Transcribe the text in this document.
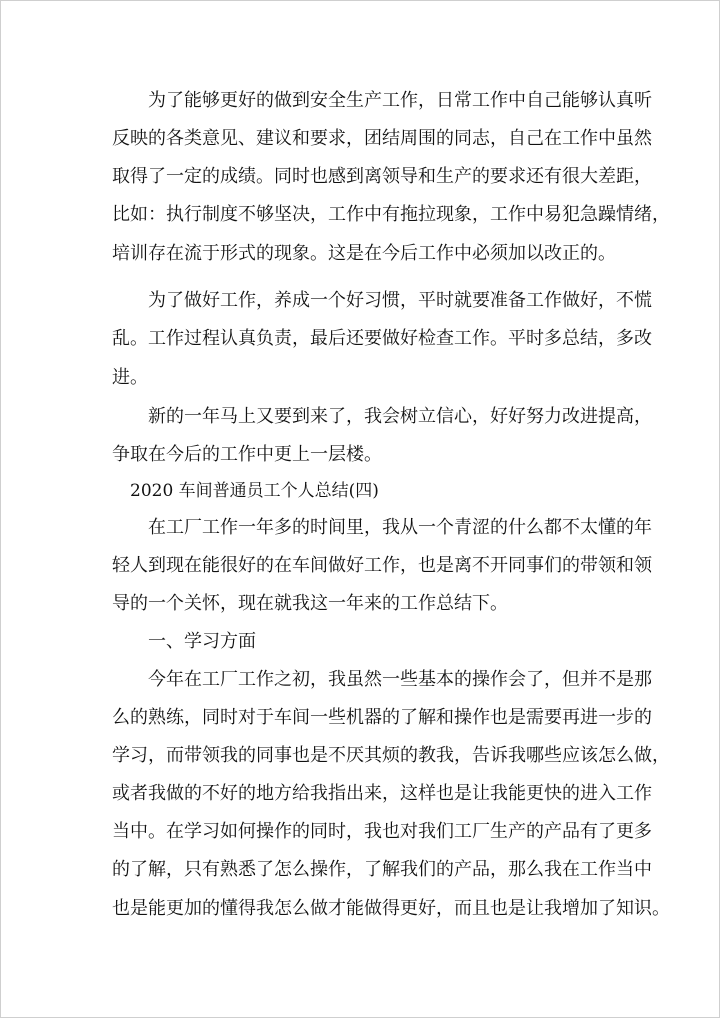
为了能够更好的做到安全生产工作，日常工作中自己能够认真听
反映的各类意见、建议和要求，团结周围的同志，自己在工作中虽然
取得了一定的成绩。同时也感到离领导和生产的要求还有很大差距，
比如：执行制度不够坚决，工作中有拖拉现象，工作中易犯急躁情绪，
培训存在流于形式的现象。这是在今后工作中必须加以改正的。
为了做好工作，养成一个好习惯，平时就要准备工作做好，不慌
乱。工作过程认真负责，最后还要做好检查工作。平时多总结，多改
进。
新的一年马上又要到来了，我会树立信心，好好努力改进提高，
争取在今后的工作中更上一层楼。
2020 车间普通员工个人总结(四)
在工厂工作一年多的时间里，我从一个青涩的什么都不太懂的年
轻人到现在能很好的在车间做好工作，也是离不开同事们的带领和领
导的一个关怀，现在就我这一年来的工作总结下。
一、学习方面
今年在工厂工作之初，我虽然一些基本的操作会了，但并不是那
么的熟练，同时对于车间一些机器的了解和操作也是需要再进一步的
学习，而带领我的同事也是不厌其烦的教我，告诉我哪些应该怎么做，
或者我做的不好的地方给我指出来，这样也是让我能更快的进入工作
当中。在学习如何操作的同时，我也对我们工厂生产的产品有了更多
的了解，只有熟悉了怎么操作，了解我们的产品，那么我在工作当中
也是能更加的懂得我怎么做才能做得更好，而且也是让我增加了知识。
